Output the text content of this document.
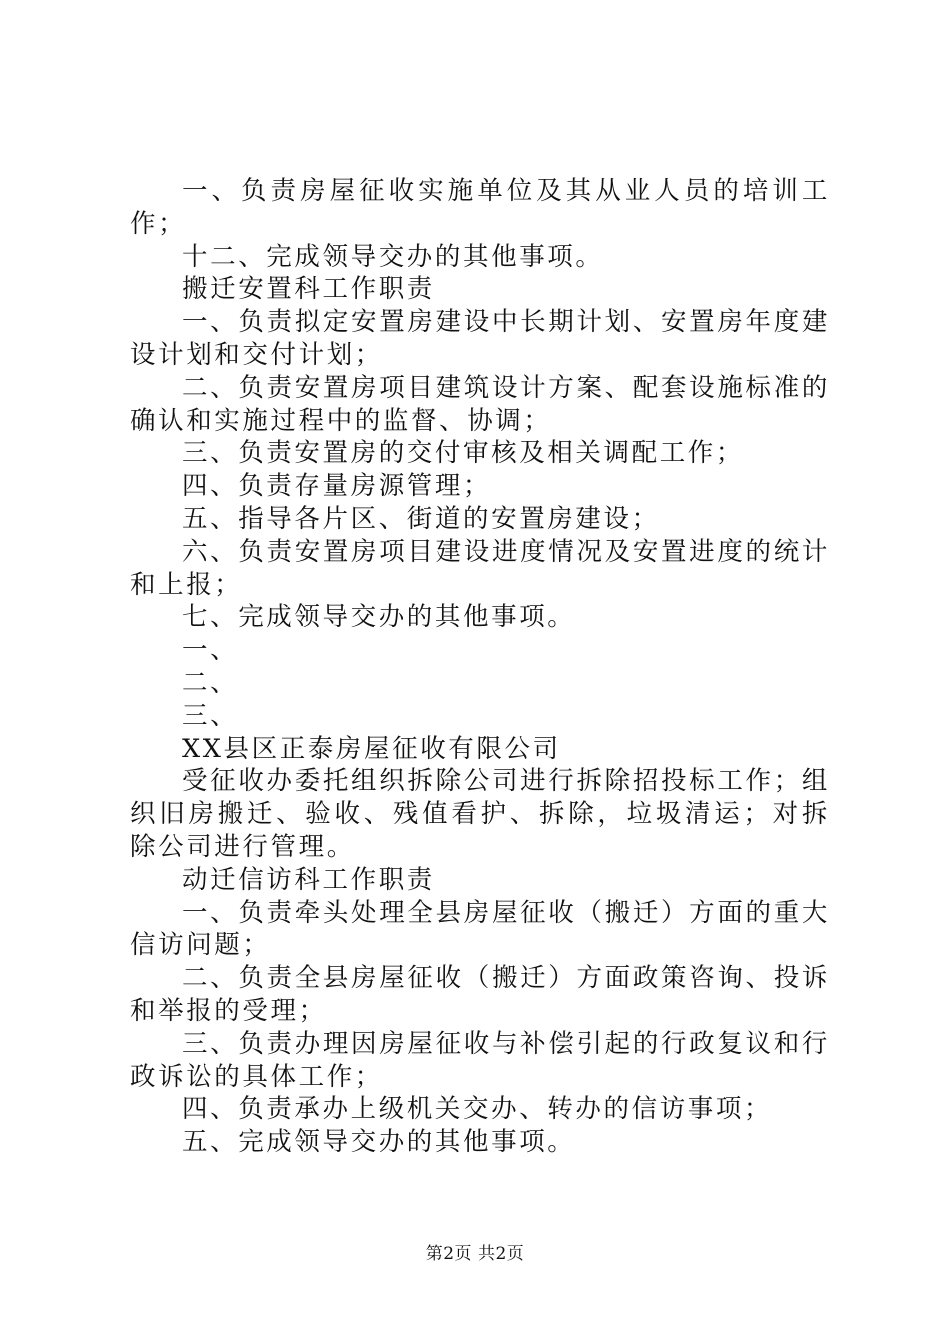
一、负责房屋征收实施单位及其从业人员的培训工作；

十二、完成领导交办的其他事项。

搬迁安置科工作职责

一、负责拟定安置房建设中长期计划、安置房年度建设计划和交付计划；

二、负责安置房项目建筑设计方案、配套设施标准的确认和实施过程中的监督、协调；

三、负责安置房的交付审核及相关调配工作；

四、负责存量房源管理；

五、指导各片区、街道的安置房建设；

六、负责安置房项目建设进度情况及安置进度的统计和上报；

七、完成领导交办的其他事项。

一、

二、

三、

XX县区正泰房屋征收有限公司

受征收办委托组织拆除公司进行拆除招投标工作；组织旧房搬迁、验收、残值看护、拆除，垃圾清运；对拆除公司进行管理。

动迁信访科工作职责

一、负责牵头处理全县房屋征收（搬迁）方面的重大信访问题；

二、负责全县房屋征收（搬迁）方面政策咨询、投诉和举报的受理；

三、负责办理因房屋征收与补偿引起的行政复议和行政诉讼的具体工作；

四、负责承办上级机关交办、转办的信访事项；

五、完成领导交办的其他事项。

第2页 共2页
